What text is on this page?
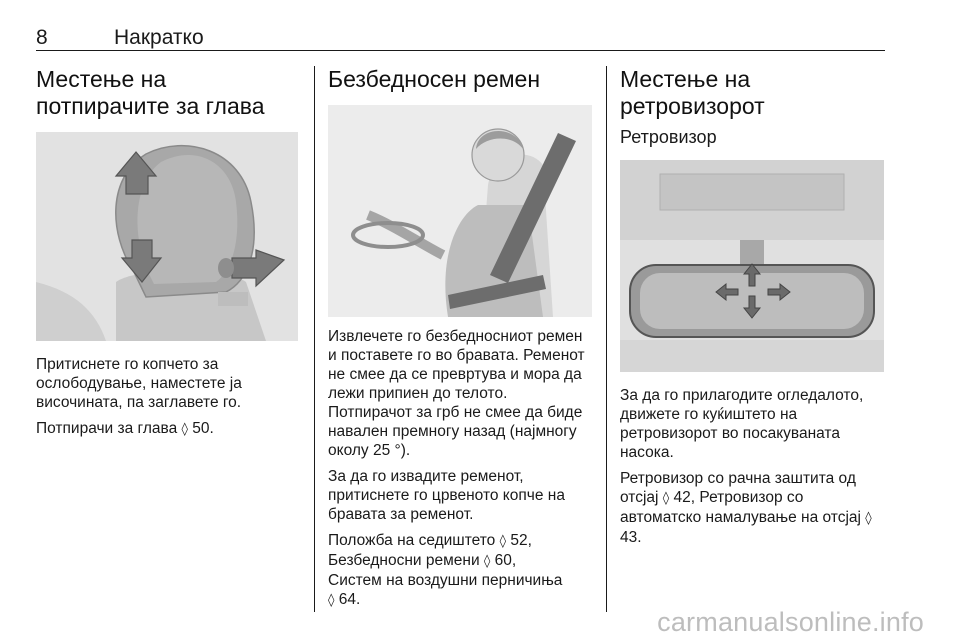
8	Накратко
Местење на потпирачите за глава

Притиснете го копчето за ослободување, наместете ја височината, па заглавете го.

Потпирачи за глава ◊ 50.

Безбедносен ремен

Извлечете го безбедносниот ремен и поставете го во бравата. Ременот не смее да се превртува и мора да лежи припиен до телото. Потпирачот за грб не смее да биде навален премногу назад (најмногу околу 25 °).

За да го извадите ременот, притиснете го црвеното копче на бравата за ременот.

Положба на седиштето ◊ 52,
Безбедносни ремени ◊ 60,
Систем на воздушни перничиња
◊ 64.

Местење на ретровизорот
Ретровизор

За да го прилагодите огледалото, движете го куќиштето на ретровизорот во посакуваната насока.

Ретровизор со рачна заштита од отсјај ◊ 42, Ретровизор со автоматско намалување на отсјај ◊ 43.

carmanualsonline.info
